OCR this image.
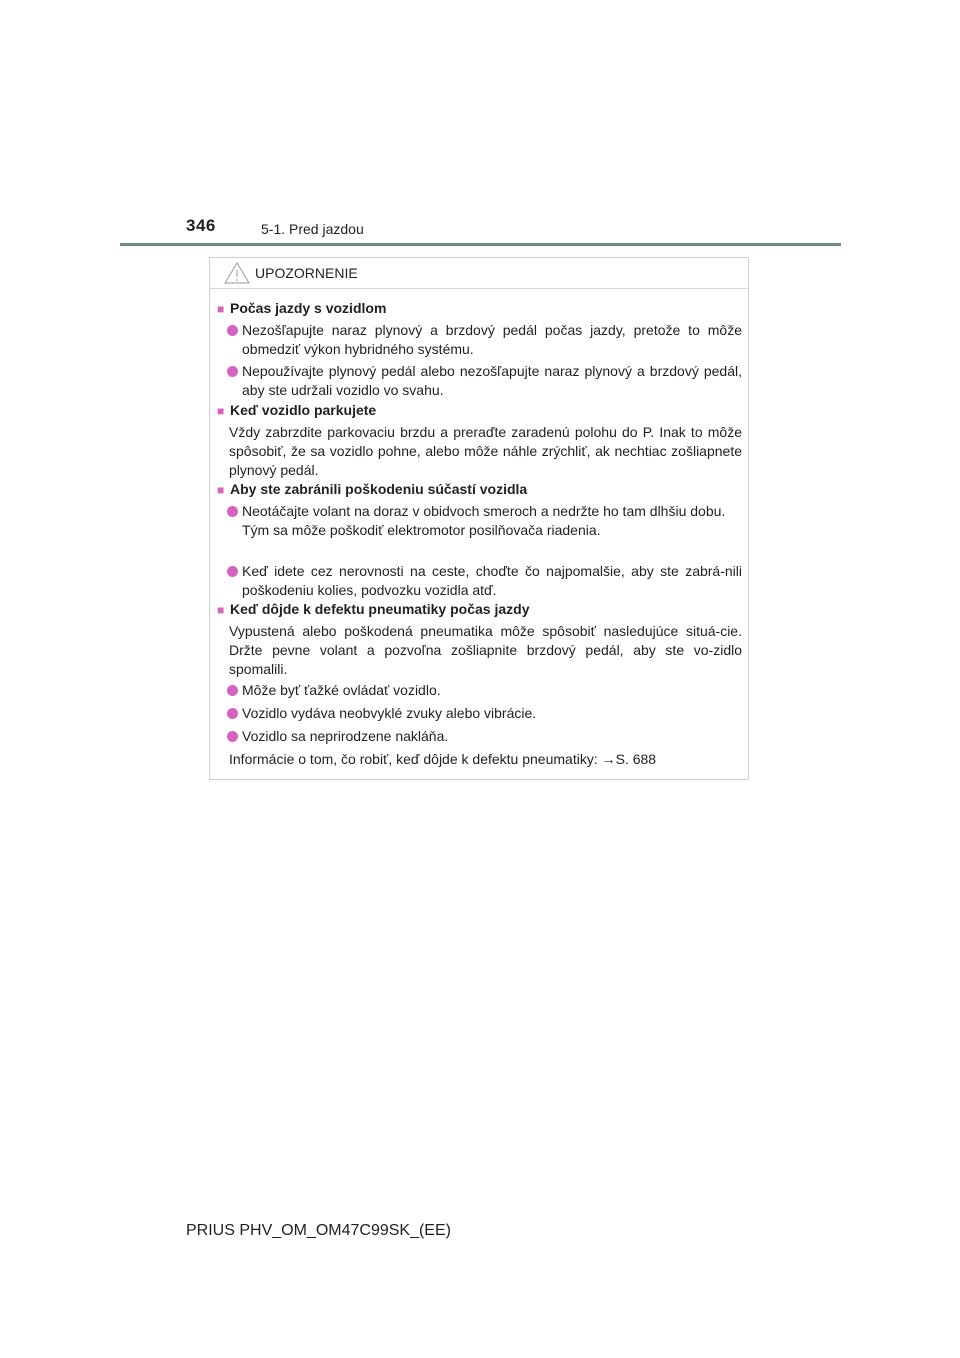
346	5-1. Pred jazdou
UPOZORNENIE
■ Počas jazdy s vozidlom
Nezošľapujte naraz plynový a brzdový pedál počas jazdy, pretože to môže obmedziť výkon hybridného systému.
Nepoužívajte plynový pedál alebo nezošľapujte naraz plynový a brzdový pedál, aby ste udržali vozidlo vo svahu.
■ Keď vozidlo parkujete
Vždy zabrzdite parkovaciu brzdu a preraďte zaradenú polohu do P. Inak to môže spôsobiť, že sa vozidlo pohne, alebo môže náhle zrýchliť, ak nechtiac zošliapnete plynový pedál.
■ Aby ste zabránili poškodeniu súčastí vozidla
Neotáčajte volant na doraz v obidvoch smeroch a nedržte ho tam dlhšiu dobu.
Tým sa môže poškodiť elektromotor posilňovača riadenia.
Keď idete cez nerovnosti na ceste, choďte čo najpomalšie, aby ste zabrá-nili poškodeniu kolies, podvozku vozidla atď.
■ Keď dôjde k defektu pneumatiky počas jazdy
Vypustená alebo poškodená pneumatika môže spôsobiť nasledujúce situá-cie. Držte pevne volant a pozvoľna zošliapnite brzdový pedál, aby ste vo-zidlo spomalili.
Môže byť ťažké ovládať vozidlo.
Vozidlo vydáva neobvyklé zvuky alebo vibrácie.
Vozidlo sa neprirodzene nakláňa.
Informácie o tom, čo robiť, keď dôjde k defektu pneumatiky: →S. 688
PRIUS PHV_OM_OM47C99SK_(EE)
